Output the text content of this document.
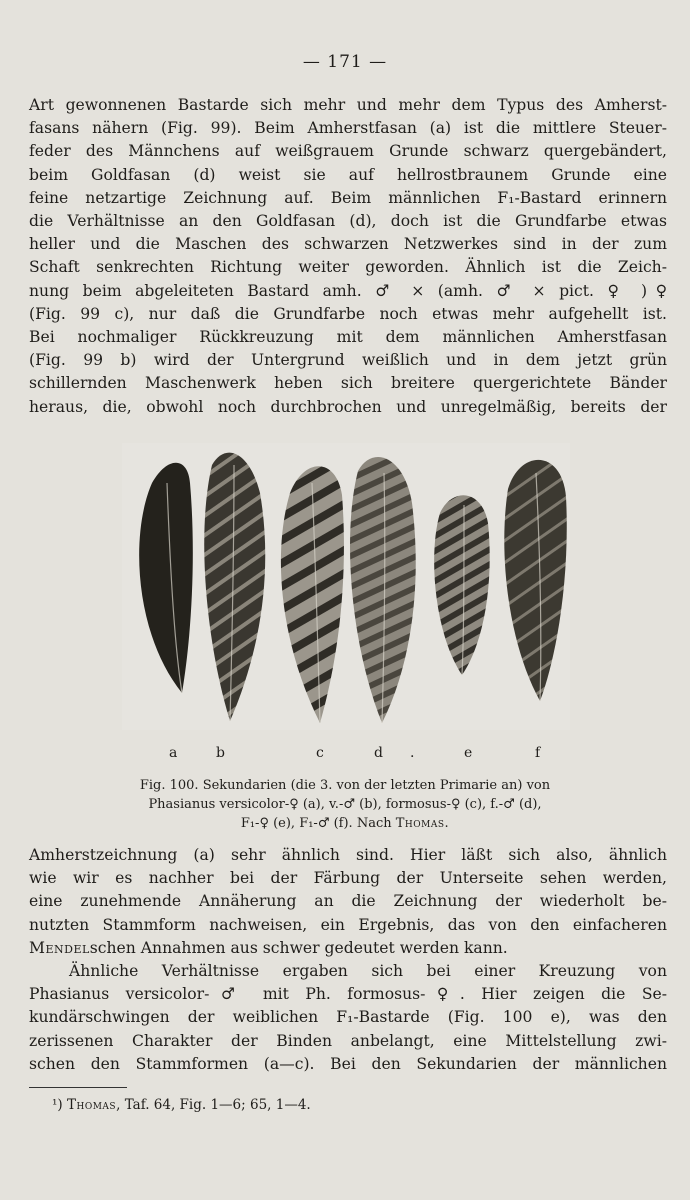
— 171 —
Art gewonnenen Bastarde sich mehr und mehr dem Typus des Amherst-
fasans nähern (Fig. 99). Beim Amherstfasan (a) ist die mittlere Steuer-
feder des Männchens auf weißgrauem Grunde schwarz quergebändert,
beim Goldfasan (d) weist sie auf hellrostbraunem Grunde eine
feine netzartige Zeichnung auf. Beim männlichen F₁-Bastard erinnern
die Verhältnisse an den Goldfasan (d), doch ist die Grundfarbe etwas
heller und die Maschen des schwarzen Netzwerkes sind in der zum
Schaft senkrechten Richtung weiter geworden. Ähnlich ist die Zeich-
nung beim abgeleiteten Bastard amh. ♂ × (amh. ♂ × pict. ♀ )♀
(Fig. 99 c), nur daß die Grundfarbe noch etwas mehr aufgehellt ist.
Bei nochmaliger Rückkreuzung mit dem männlichen Amherstfasan
(Fig. 99 b) wird der Untergrund weißlich und in dem jetzt grün
schillernden Maschenwerk heben sich breitere quergerichtete Bänder
heraus, die, obwohl noch durchbrochen und unregelmäßig, bereits der
a	b	c	d .	e	f
Fig. 100. Sekundarien (die 3. von der letzten Primarie an) von
Phasianus versicolor-♀ (a), v.-♂ (b), formosus-♀ (c), f.-♂ (d),
F₁-♀ (e), F₁-♂ (f). Nach Thomas.
Amherstzeichnung (a) sehr ähnlich sind. Hier läßt sich also, ähnlich
wie wir es nachher bei der Färbung der Unterseite sehen werden,
eine zunehmende Annäherung an die Zeichnung der wiederholt be-
nutzten Stammform nachweisen, ein Ergebnis, das von den einfacheren
Mendelschen Annahmen aus schwer gedeutet werden kann.
Ähnliche Verhältnisse ergaben sich bei einer Kreuzung von
Phasianus versicolor-♂ mit Ph. formosus-♀. Hier zeigen die Se-
kundärschwingen der weiblichen F₁-Bastarde (Fig. 100 e), was den
zerissenen Charakter der Binden anbelangt, eine Mittelstellung zwi-
schen den Stammformen (a—c). Bei den Sekundarien der männlichen
¹) Thomas, Taf. 64, Fig. 1—6; 65, 1—4.
